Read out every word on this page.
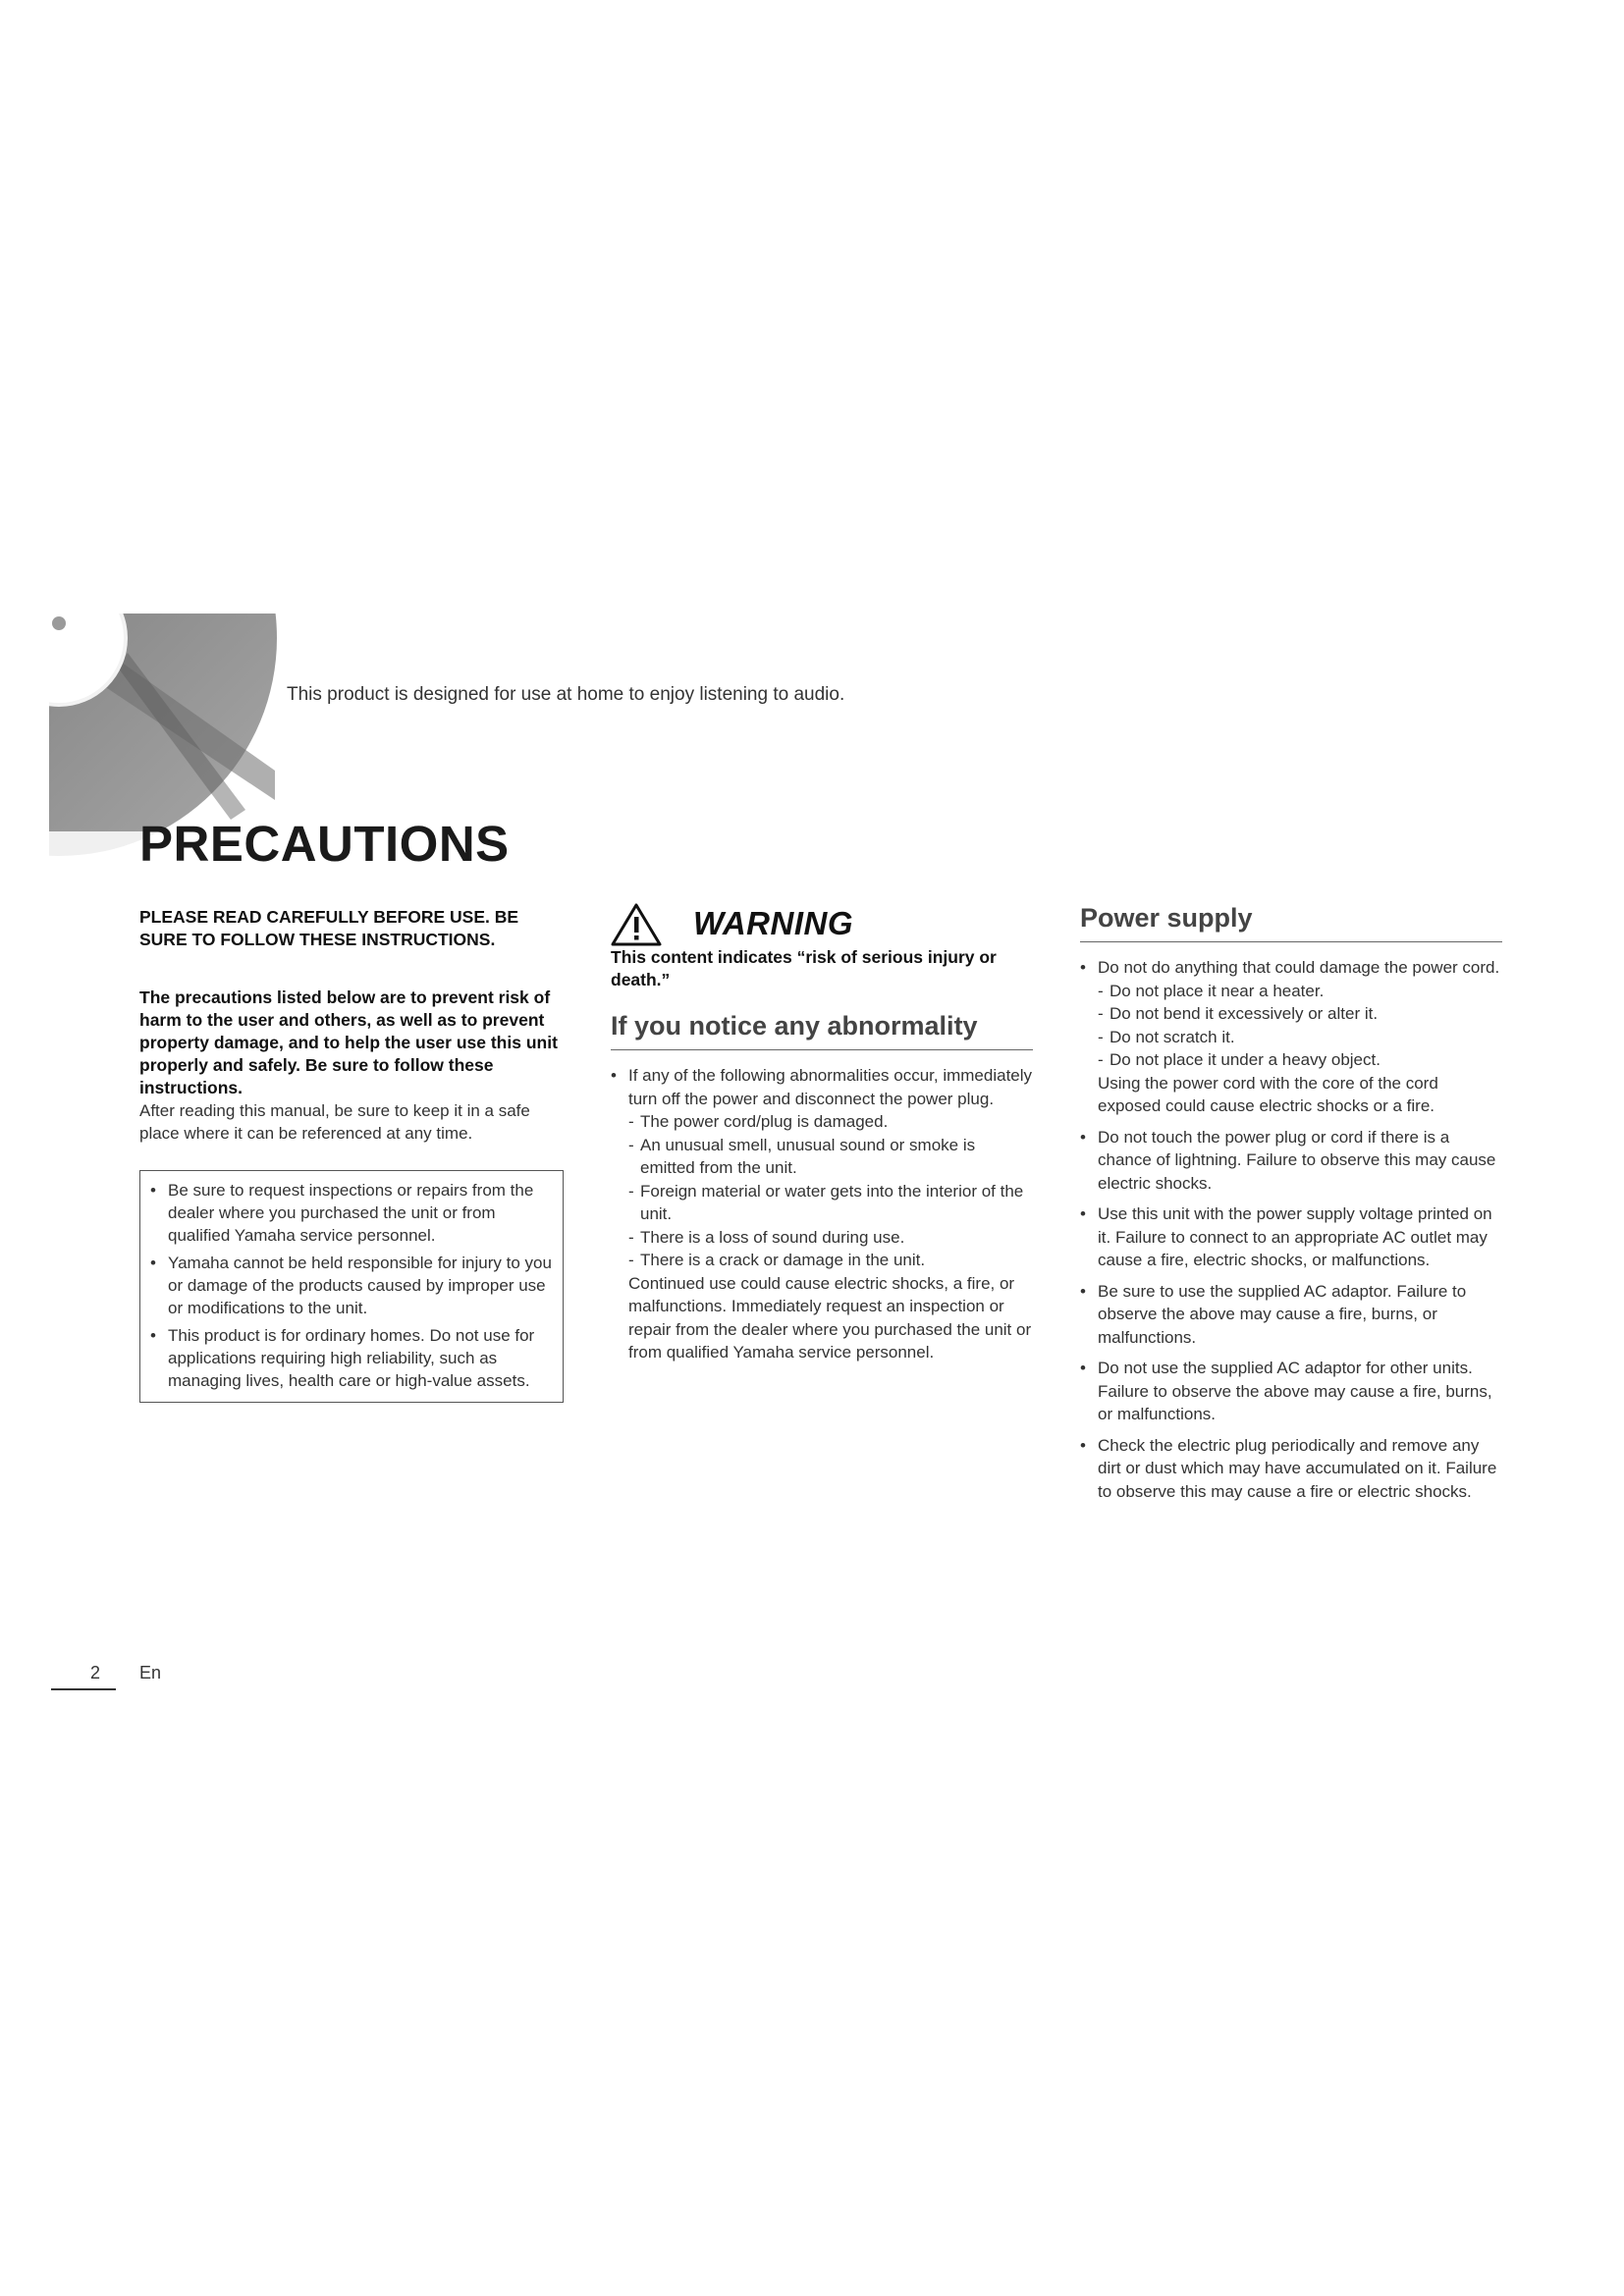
This product is designed for use at home to enjoy listening to audio.
PRECAUTIONS

PLEASE READ CAREFULLY BEFORE USE. BE SURE TO FOLLOW THESE INSTRUCTIONS.

The precautions listed below are to prevent risk of harm to the user and others, as well as to prevent property damage, and to help the user use this unit properly and safely. Be sure to follow these instructions.

After reading this manual, be sure to keep it in a safe place where it can be referenced at any time.

• Be sure to request inspections or repairs from the dealer where you purchased the unit or from qualified Yamaha service personnel.
• Yamaha cannot be held responsible for injury to you or damage of the products caused by improper use or modifications to the unit.
• This product is for ordinary homes. Do not use for applications requiring high reliability, such as managing lives, health care or high-value assets.
WARNING
This content indicates “risk of serious injury or death.”
If you notice any abnormality
• If any of the following abnormalities occur, immediately turn off the power and disconnect the power plug.
- The power cord/plug is damaged.
- An unusual smell, unusual sound or smoke is emitted from the unit.
- Foreign material or water gets into the interior of the unit.
- There is a loss of sound during use.
- There is a crack or damage in the unit.
Continued use could cause electric shocks, a fire, or malfunctions. Immediately request an inspection or repair from the dealer where you purchased the unit or from qualified Yamaha service personnel.
Power supply
• Do not do anything that could damage the power cord.
- Do not place it near a heater.
- Do not bend it excessively or alter it.
- Do not scratch it.
- Do not place it under a heavy object.
Using the power cord with the core of the cord exposed could cause electric shocks or a fire.
• Do not touch the power plug or cord if there is a chance of lightning. Failure to observe this may cause electric shocks.
• Use this unit with the power supply voltage printed on it. Failure to connect to an appropriate AC outlet may cause a fire, electric shocks, or malfunctions.
• Be sure to use the supplied AC adaptor. Failure to observe the above may cause a fire, burns, or malfunctions.
• Do not use the supplied AC adaptor for other units. Failure to observe the above may cause a fire, burns, or malfunctions.
• Check the electric plug periodically and remove any dirt or dust which may have accumulated on it. Failure to observe this may cause a fire or electric shocks.
2 En
